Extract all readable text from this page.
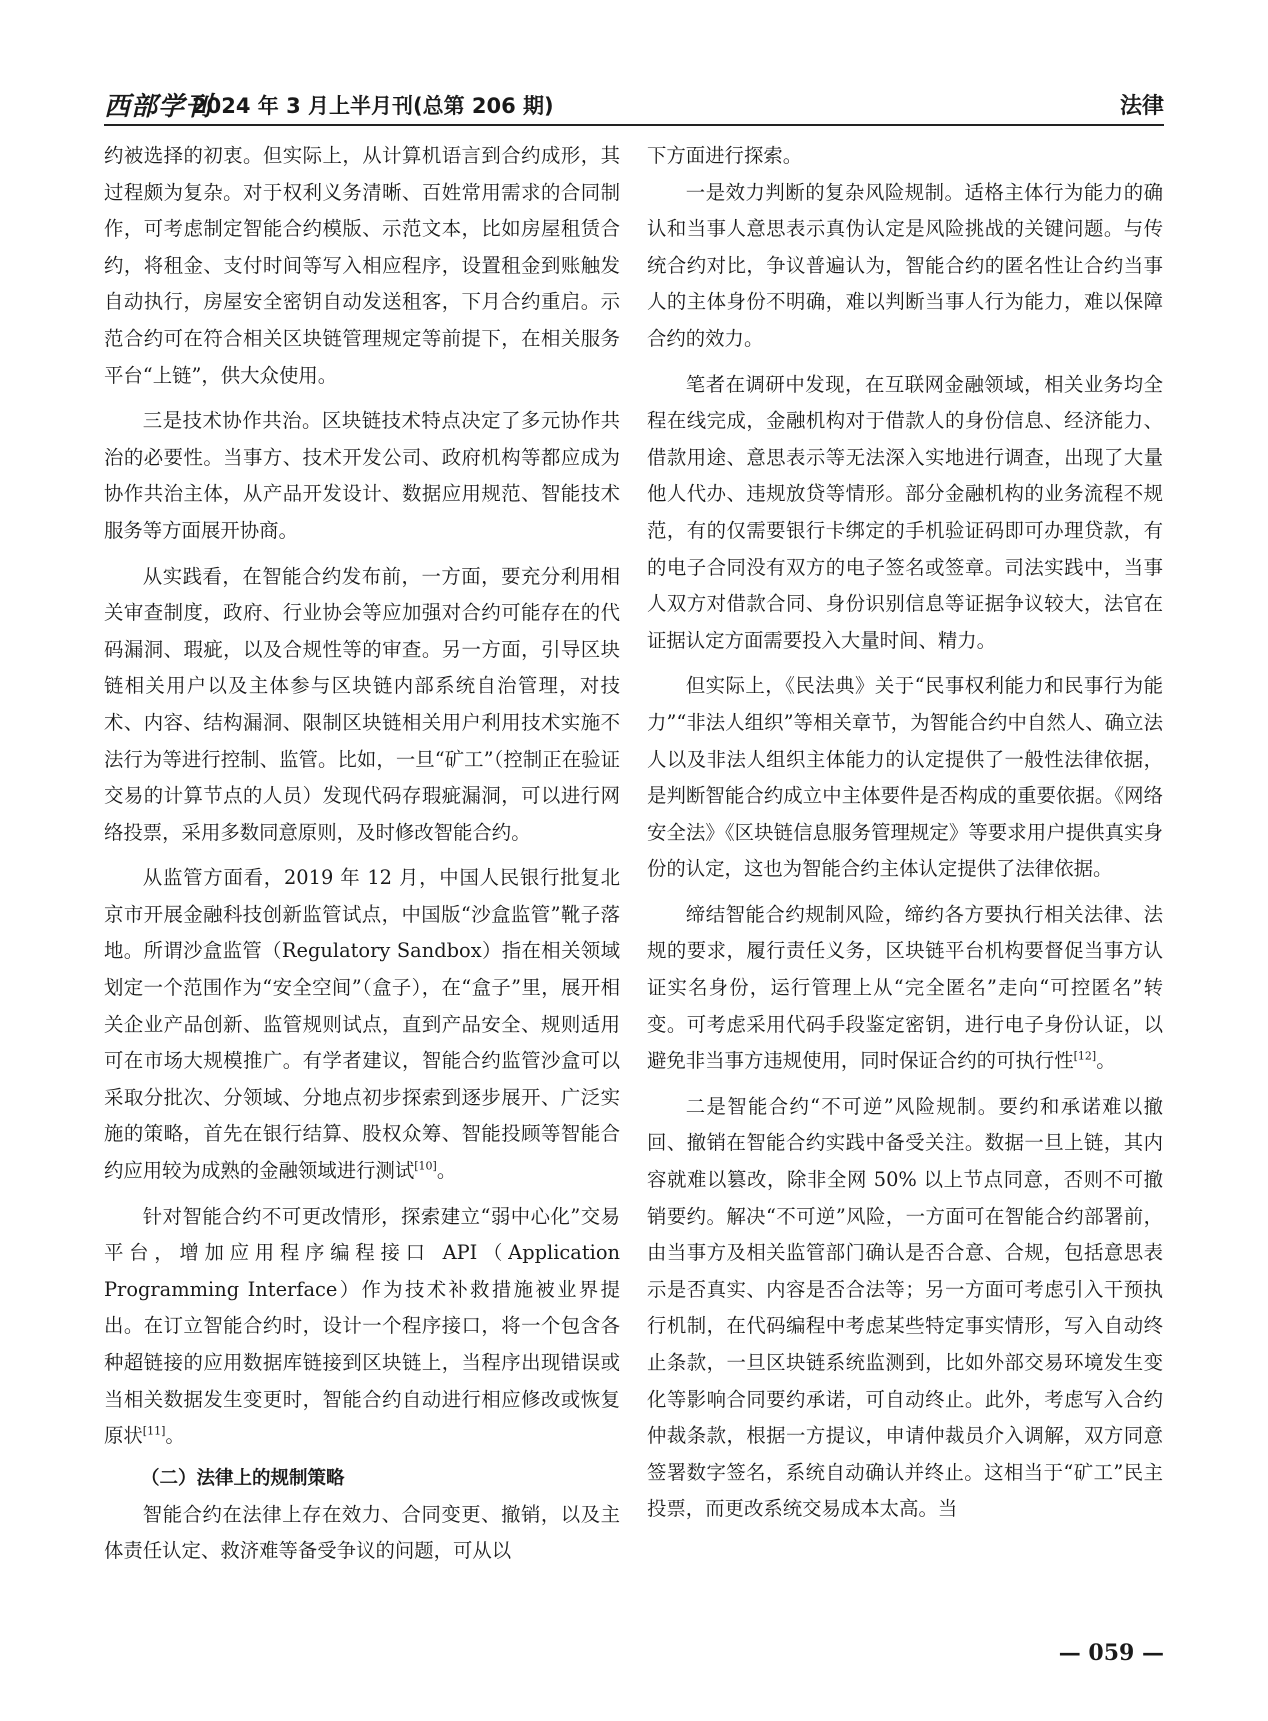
西部学刊
2024 年 3 月上半月刊(总第 206 期)	法律

约被选择的初衷。但实际上，从计算机语言到合约成形，其过程颇为复杂。对于权利义务清晰、百姓常用需求的合同制作，可考虑制定智能合约模版、示范文本，比如房屋租赁合约，将租金、支付时间等写入相应程序，设置租金到账触发自动执行，房屋安全密钥自动发送租客，下月合约重启。示范合约可在符合相关区块链管理规定等前提下，在相关服务平台“上链”，供大众使用。

三是技术协作共治。区块链技术特点决定了多元协作共治的必要性。当事方、技术开发公司、政府机构等都应成为协作共治主体，从产品开发设计、数据应用规范、智能技术服务等方面展开协商。

从实践看，在智能合约发布前，一方面，要充分利用相关审查制度，政府、行业协会等应加强对合约可能存在的代码漏洞、瑕疵，以及合规性等的审查。另一方面，引导区块链相关用户以及主体参与区块链内部系统自治管理，对技术、内容、结构漏洞、限制区块链相关用户利用技术实施不法行为等进行控制、监管。比如，一旦“矿工”（控制正在验证交易的计算节点的人员）发现代码存瑕疵漏洞，可以进行网络投票，采用多数同意原则，及时修改智能合约。

从监管方面看，2019 年 12 月，中国人民银行批复北京市开展金融科技创新监管试点，中国版“沙盒监管”靴子落地。所谓沙盒监管（Regulatory Sandbox）指在相关领域划定一个范围作为“安全空间”（盒子），在“盒子”里，展开相关企业产品创新、监管规则试点，直到产品安全、规则适用可在市场大规模推广。有学者建议，智能合约监管沙盒可以采取分批次、分领域、分地点初步探索到逐步展开、广泛实施的策略，首先在银行结算、股权众筹、智能投顾等智能合约应用较为成熟的金融领域进行测试[10]。

针对智能合约不可更改情形，探索建立“弱中心化”交易平台，增加应用程序编程接口 API（Application Programming Interface）作为技术补救措施被业界提出。在订立智能合约时，设计一个程序接口，将一个包含各种超链接的应用数据库链接到区块链上，当程序出现错误或当相关数据发生变更时，智能合约自动进行相应修改或恢复原状[11]。

（二）法律上的规制策略

智能合约在法律上存在效力、合同变更、撤销，以及主体责任认定、救济难等备受争议的问题，可从以

下方面进行探索。

一是效力判断的复杂风险规制。适格主体行为能力的确认和当事人意思表示真伪认定是风险挑战的关键问题。与传统合约对比，争议普遍认为，智能合约的匿名性让合约当事人的主体身份不明确，难以判断当事人行为能力，难以保障合约的效力。

笔者在调研中发现，在互联网金融领域，相关业务均全程在线完成，金融机构对于借款人的身份信息、经济能力、借款用途、意思表示等无法深入实地进行调查，出现了大量他人代办、违规放贷等情形。部分金融机构的业务流程不规范，有的仅需要银行卡绑定的手机验证码即可办理贷款，有的电子合同没有双方的电子签名或签章。司法实践中，当事人双方对借款合同、身份识别信息等证据争议较大，法官在证据认定方面需要投入大量时间、精力。

但实际上，《民法典》关于“民事权利能力和民事行为能力”“非法人组织”等相关章节，为智能合约中自然人、确立法人以及非法人组织主体能力的认定提供了一般性法律依据，是判断智能合约成立中主体要件是否构成的重要依据。《网络安全法》《区块链信息服务管理规定》等要求用户提供真实身份的认定，这也为智能合约主体认定提供了法律依据。

缔结智能合约规制风险，缔约各方要执行相关法律、法规的要求，履行责任义务，区块链平台机构要督促当事方认证实名身份，运行管理上从“完全匿名”走向“可控匿名”转变。可考虑采用代码手段鉴定密钥，进行电子身份认证，以避免非当事方违规使用，同时保证合约的可执行性[12]。

二是智能合约“不可逆”风险规制。要约和承诺难以撤回、撤销在智能合约实践中备受关注。数据一旦上链，其内容就难以篡改，除非全网 50% 以上节点同意，否则不可撤销要约。解决“不可逆”风险，一方面可在智能合约部署前，由当事方及相关监管部门确认是否合意、合规，包括意思表示是否真实、内容是否合法等；另一方面可考虑引入干预执行机制，在代码编程中考虑某些特定事实情形，写入自动终止条款，一旦区块链系统监测到，比如外部交易环境发生变化等影响合同要约承诺，可自动终止。此外，考虑写入合约仲裁条款，根据一方提议，申请仲裁员介入调解，双方同意签署数字签名，系统自动确认并终止。这相当于“矿工”民主投票，而更改系统交易成本太高。当

— 059 —
